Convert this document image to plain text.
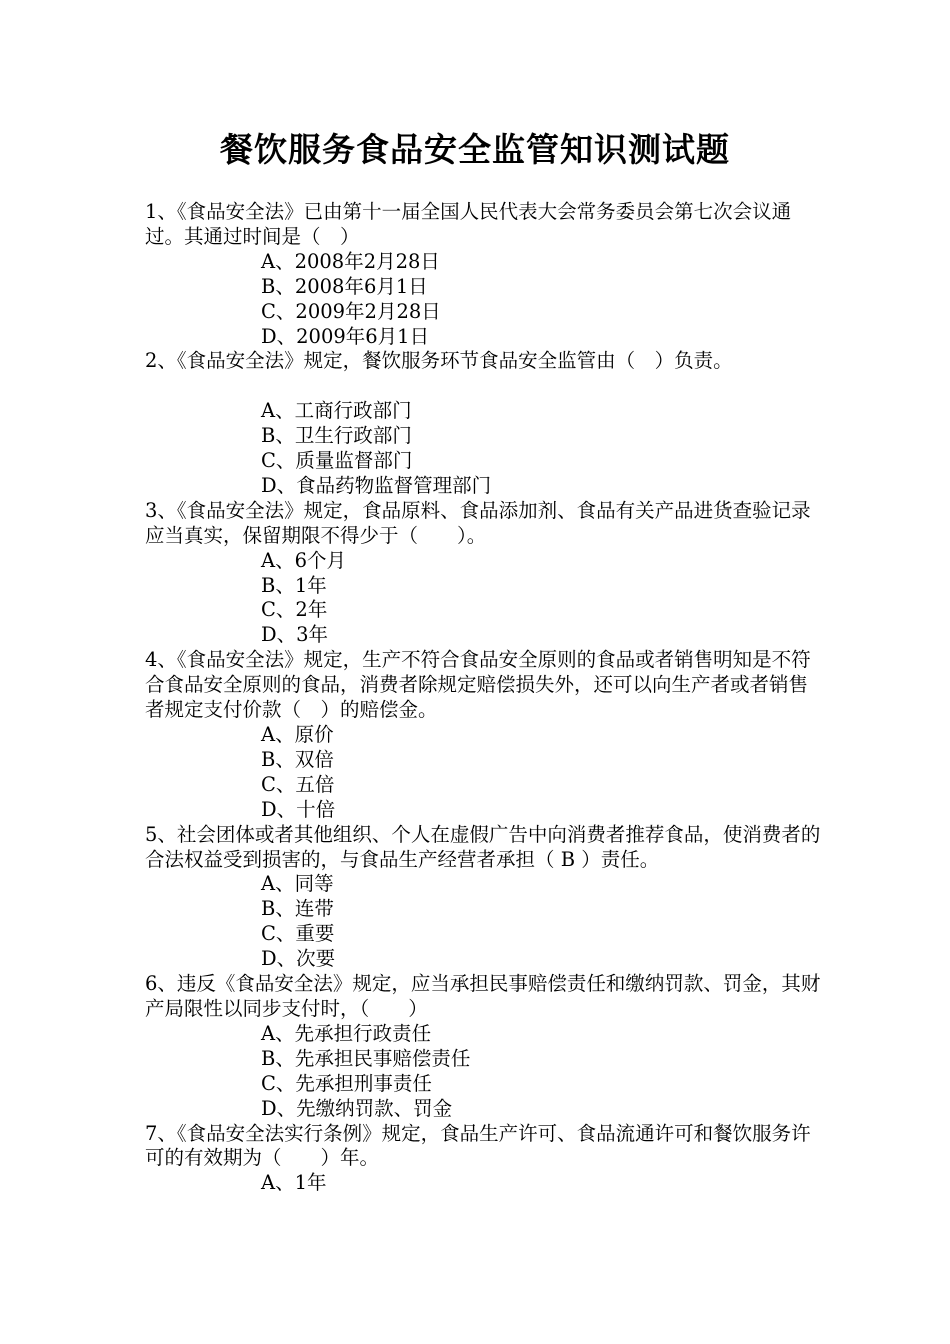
餐饮服务食品安全监管知识测试题

1、《食品安全法》已由第十一届全国人民代表大会常务委员会第七次会议通过。其通过时间是（　）

A、2008年2月28日

B、2008年6月1日

C、2009年2月28日

D、2009年6月1日

2、《食品安全法》规定，餐饮服务环节食品安全监管由（　）负责。

A、工商行政部门

B、卫生行政部门

C、质量监督部门

D、食品药物监督管理部门

3、《食品安全法》规定，食品原料、食品添加剂、食品有关产品进货查验记录应当真实，保留期限不得少于（　　）。

A、6个月

B、1年

C、2年

D、3年

4、《食品安全法》规定，生产不符合食品安全原则的食品或者销售明知是不符合食品安全原则的食品，消费者除规定赔偿损失外，还可以向生产者或者销售者规定支付价款（　）的赔偿金。

A、原价

B、双倍

C、五倍

D、十倍

5、社会团体或者其他组织、个人在虚假广告中向消费者推荐食品，使消费者的合法权益受到损害的，与食品生产经营者承担（ B ）责任。

A、同等

B、连带

C、重要

D、次要

6、违反《食品安全法》规定，应当承担民事赔偿责任和缴纳罚款、罚金，其财产局限性以同步支付时，（　　）

A、先承担行政责任

B、先承担民事赔偿责任

C、先承担刑事责任

D、先缴纳罚款、罚金

7、《食品安全法实行条例》规定，食品生产许可、食品流通许可和餐饮服务许可的有效期为（　　）年。

A、1年
